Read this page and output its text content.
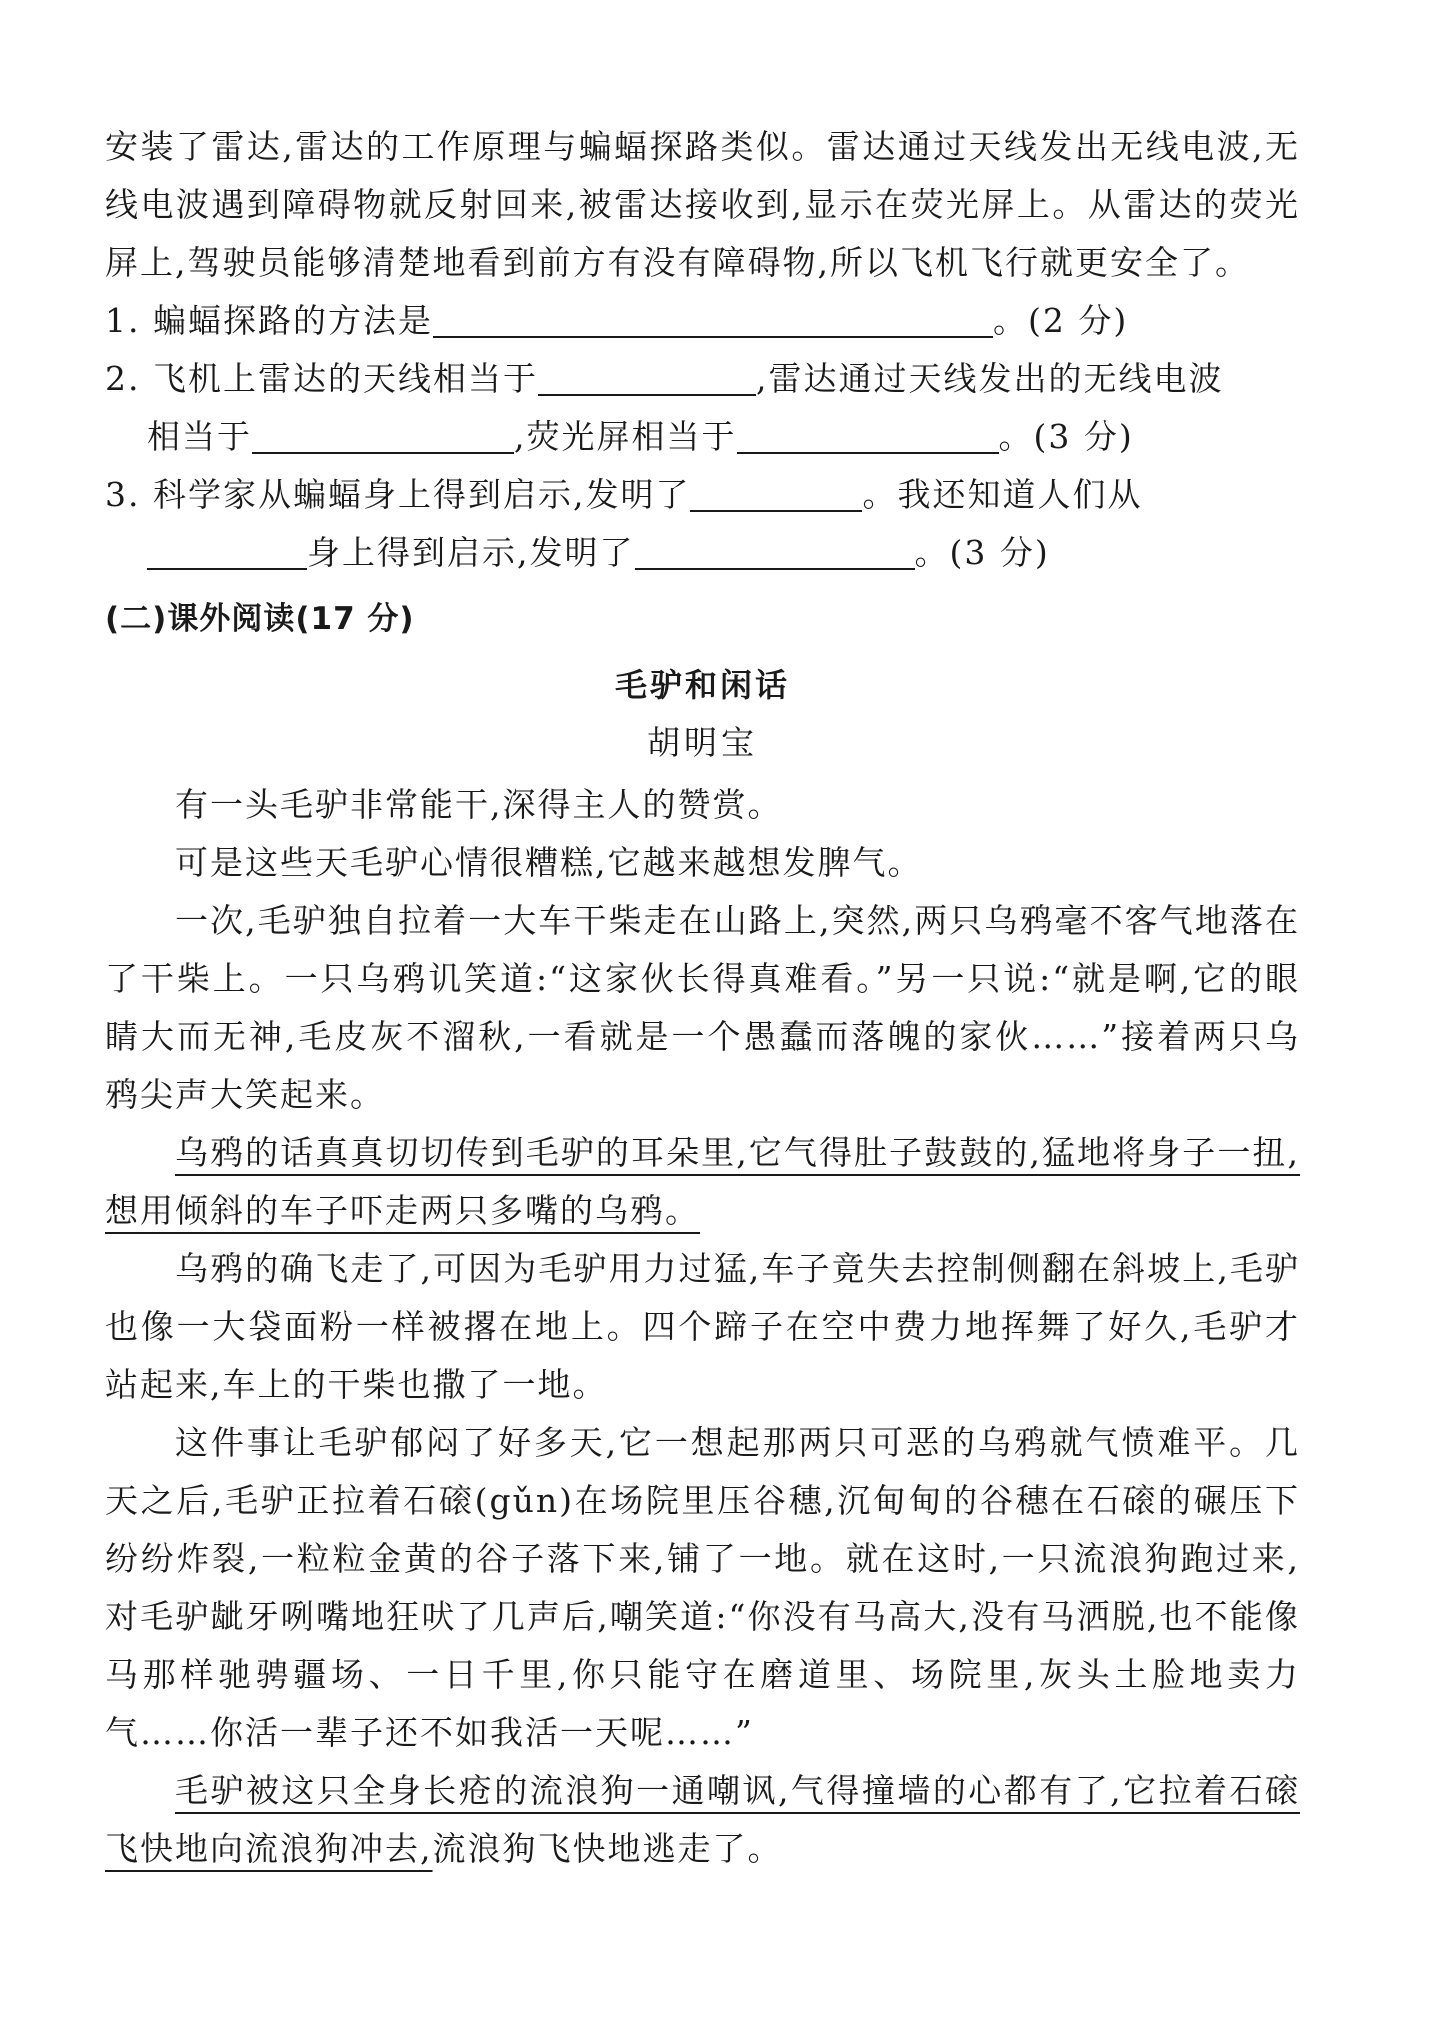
安装了雷达,雷达的工作原理与蝙蝠探路类似。雷达通过天线发出无线电波,无线电波遇到障碍物就反射回来,被雷达接收到,显示在荧光屏上。从雷达的荧光屏上,驾驶员能够清楚地看到前方有没有障碍物,所以飞机飞行就更安全了。

1. 蝙蝠探路的方法是	。(2 分)

2. 飞机上雷达的天线相当于	,雷达通过天线发出的无线电波

相当于	,荧光屏相当于	。(3 分)

3. 科学家从蝙蝠身上得到启示,发明了	。我还知道人们从

身上得到启示,发明了	。(3 分)

(二)课外阅读(17 分)
毛驴和闲话
胡明宝

有一头毛驴非常能干,深得主人的赞赏。

可是这些天毛驴心情很糟糕,它越来越想发脾气。

一次,毛驴独自拉着一大车干柴走在山路上,突然,两只乌鸦毫不客气地落在了干柴上。一只乌鸦讥笑道:“这家伙长得真难看。”另一只说:“就是啊,它的眼睛大而无神,毛皮灰不溜秋,一看就是一个愚蠢而落魄的家伙……”接着两只乌鸦尖声大笑起来。

乌鸦的话真真切切传到毛驴的耳朵里,它气得肚子鼓鼓的,猛地将身子一扭,想用倾斜的车子吓走两只多嘴的乌鸦。

乌鸦的确飞走了,可因为毛驴用力过猛,车子竟失去控制侧翻在斜坡上,毛驴也像一大袋面粉一样被撂在地上。四个蹄子在空中费力地挥舞了好久,毛驴才站起来,车上的干柴也撒了一地。

这件事让毛驴郁闷了好多天,它一想起那两只可恶的乌鸦就气愤难平。几天之后,毛驴正拉着石磙(gǔn)在场院里压谷穗,沉甸甸的谷穗在石磙的碾压下纷纷炸裂,一粒粒金黄的谷子落下来,铺了一地。就在这时,一只流浪狗跑过来,对毛驴龇牙咧嘴地狂吠了几声后,嘲笑道:“你没有马高大,没有马洒脱,也不能像马那样驰骋疆场、一日千里,你只能守在磨道里、场院里,灰头土脸地卖力气……你活一辈子还不如我活一天呢……”

毛驴被这只全身长疮的流浪狗一通嘲讽,气得撞墙的心都有了,它拉着石磙飞快地向流浪狗冲去,流浪狗飞快地逃走了。
